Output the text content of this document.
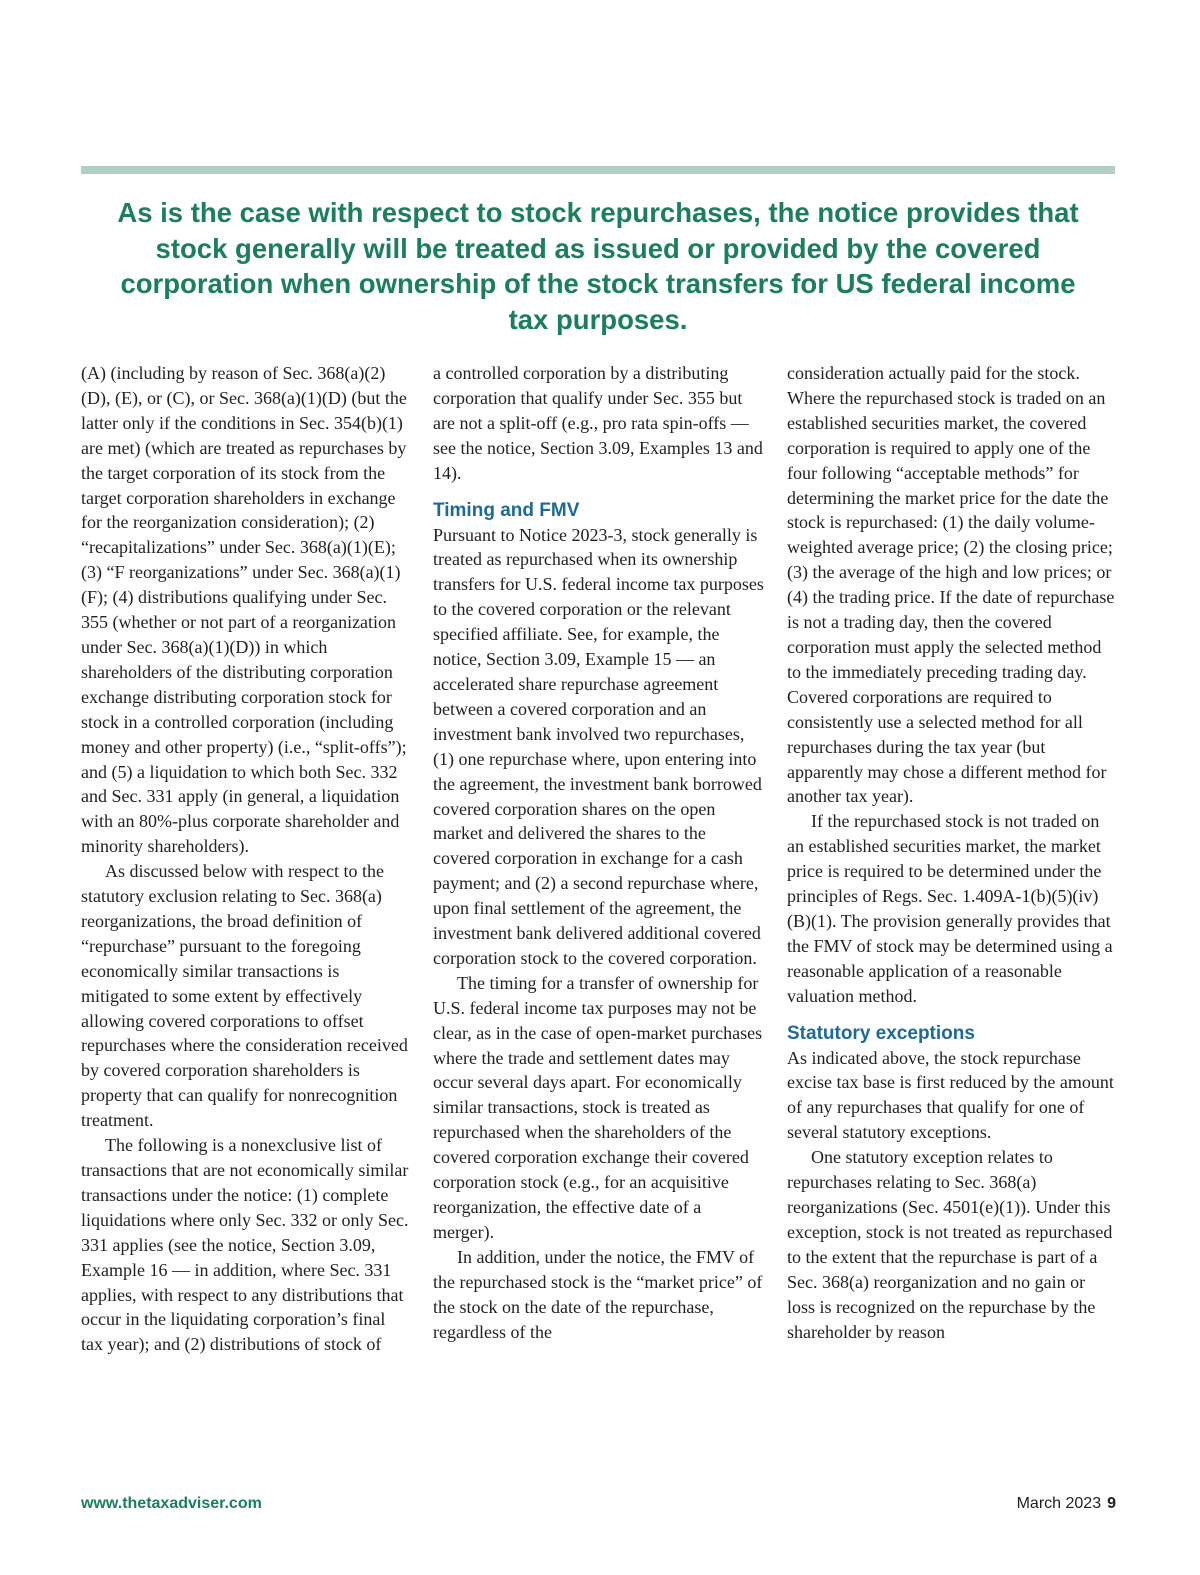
As is the case with respect to stock repurchases, the notice provides that stock generally will be treated as issued or provided by the covered corporation when ownership of the stock transfers for US federal income tax purposes.

(A) (including by reason of Sec. 368(a)(2)(D), (E), or (C), or Sec. 368(a)(1)(D) (but the latter only if the conditions in Sec. 354(b)(1) are met) (which are treated as repurchases by the target corporation of its stock from the target corporation shareholders in exchange for the reorganization consideration); (2) “recapitalizations” under Sec. 368(a)(1)(E); (3) “F reorganizations” under Sec. 368(a)(1)(F); (4) distributions qualifying under Sec. 355 (whether or not part of a reorganization under Sec. 368(a)(1)(D)) in which shareholders of the distributing corporation exchange distributing corporation stock for stock in a controlled corporation (including money and other property) (i.e., “split-offs”); and (5) a liquidation to which both Sec. 332 and Sec. 331 apply (in general, a liquidation with an 80%-plus corporate shareholder and minority shareholders).

As discussed below with respect to the statutory exclusion relating to Sec. 368(a) reorganizations, the broad definition of “repurchase” pursuant to the foregoing economically similar transactions is mitigated to some extent by effectively allowing covered corporations to offset repurchases where the consideration received by covered corporation shareholders is property that can qualify for nonrecognition treatment.

The following is a nonexclusive list of transactions that are not economically similar transactions under the notice: (1) complete liquidations where only Sec. 332 or only Sec. 331 applies (see the notice, Section 3.09, Example 16 — in addition, where Sec. 331 applies, with respect to any distributions that occur in the liquidating corporation’s final tax year); and (2) distributions of stock of

a controlled corporation by a distributing corporation that qualify under Sec. 355 but are not a split-off (e.g., pro rata spin-offs — see the notice, Section 3.09, Examples 13 and 14).

Timing and FMV

Pursuant to Notice 2023-3, stock generally is treated as repurchased when its ownership transfers for U.S. federal income tax purposes to the covered corporation or the relevant specified affiliate. See, for example, the notice, Section 3.09, Example 15 — an accelerated share repurchase agreement between a covered corporation and an investment bank involved two repurchases, (1) one repurchase where, upon entering into the agreement, the investment bank borrowed covered corporation shares on the open market and delivered the shares to the covered corporation in exchange for a cash payment; and (2) a second repurchase where, upon final settlement of the agreement, the investment bank delivered additional covered corporation stock to the covered corporation.

The timing for a transfer of ownership for U.S. federal income tax purposes may not be clear, as in the case of open-market purchases where the trade and settlement dates may occur several days apart. For economically similar transactions, stock is treated as repurchased when the shareholders of the covered corporation exchange their covered corporation stock (e.g., for an acquisitive reorganization, the effective date of a merger).

In addition, under the notice, the FMV of the repurchased stock is the “market price” of the stock on the date of the repurchase, regardless of the

consideration actually paid for the stock. Where the repurchased stock is traded on an established securities market, the covered corporation is required to apply one of the four following “acceptable methods” for determining the market price for the date the stock is repurchased: (1) the daily volume-weighted average price; (2) the closing price; (3) the average of the high and low prices; or (4) the trading price. If the date of repurchase is not a trading day, then the covered corporation must apply the selected method to the immediately preceding trading day. Covered corporations are required to consistently use a selected method for all repurchases during the tax year (but apparently may chose a different method for another tax year).

If the repurchased stock is not traded on an established securities market, the market price is required to be determined under the principles of Regs. Sec. 1.409A-1(b)(5)(iv)(B)(1). The provision generally provides that the FMV of stock may be determined using a reasonable application of a reasonable valuation method.

Statutory exceptions

As indicated above, the stock repurchase excise tax base is first reduced by the amount of any repurchases that qualify for one of several statutory exceptions.

One statutory exception relates to repurchases relating to Sec. 368(a) reorganizations (Sec. 4501(e)(1)). Under this exception, stock is not treated as repurchased to the extent that the repurchase is part of a Sec. 368(a) reorganization and no gain or loss is recognized on the repurchase by the shareholder by reason

www.thetaxadviser.com	March 2023 9
